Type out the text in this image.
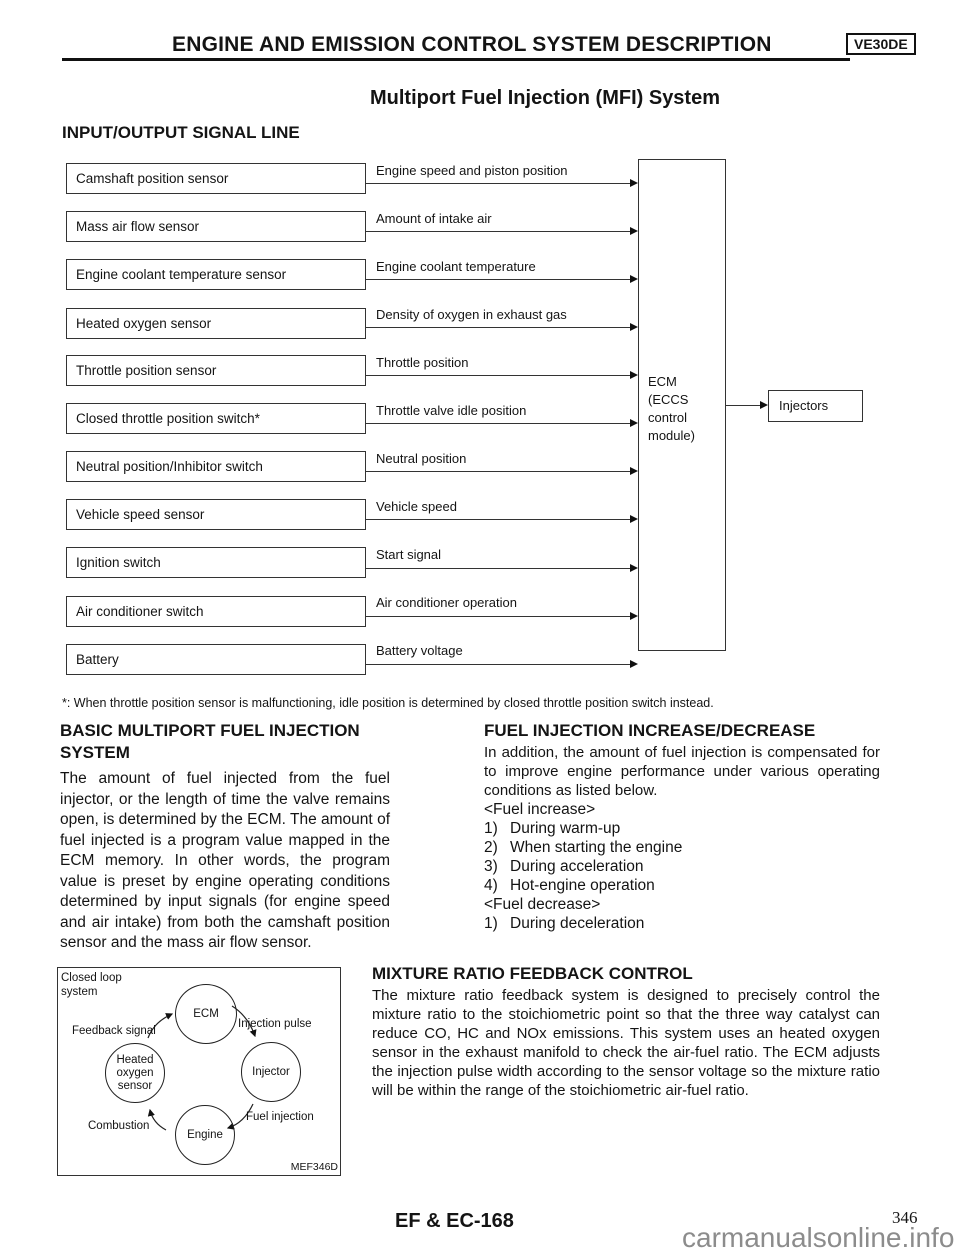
ENGINE AND EMISSION CONTROL SYSTEM DESCRIPTION	VE30DE
Multiport Fuel Injection (MFI) System
INPUT/OUTPUT SIGNAL LINE
Camshaft position sensor
Engine speed and piston position
Mass air flow sensor
Amount of intake air
Engine coolant temperature sensor
Engine coolant temperature
Heated oxygen sensor
Density of oxygen in exhaust gas
Throttle position sensor
Throttle position
Closed throttle position switch*
Throttle valve idle position
Neutral position/Inhibitor switch
Neutral position
Vehicle speed sensor
Vehicle speed
Ignition switch
Start signal
Air conditioner switch
Air conditioner operation
Battery
Battery voltage
ECM
(ECCS
control
module)
Injectors
*: When throttle position sensor is malfunctioning, idle position is determined by closed throttle position switch instead.
BASIC MULTIPORT FUEL INJECTION SYSTEM
The amount of fuel injected from the fuel injector, or the length of time the valve remains open, is determined by the ECM. The amount of fuel injected is a program value mapped in the ECM memory. In other words, the program value is preset by engine operating conditions determined by input signals (for engine speed and air intake) from both the camshaft position sensor and the mass air flow sensor.
FUEL INJECTION INCREASE/DECREASE
In addition, the amount of fuel injection is compensated for to improve engine performance under various operating conditions as listed below.
<Fuel increase>
1) During warm-up
2) When starting the engine
3) During acceleration
4) Hot-engine operation
<Fuel decrease>
1) During deceleration
Closed loop
system
ECM
Injector
Engine
Heated
oxygen
sensor
Injection pulse
Fuel injection
Combustion
Feedback signal
MEF346D
MIXTURE RATIO FEEDBACK CONTROL
The mixture ratio feedback system is designed to precisely control the mixture ratio to the stoichiometric point so that the three way catalyst can reduce CO, HC and NOx emissions. This system uses an heated oxygen sensor in the exhaust manifold to check the air-fuel ratio. The ECM adjusts the injection pulse width according to the sensor voltage so the mixture ratio will be within the range of the stoichiometric air-fuel ratio.
EF & EC-168	346
carmanualsonline.info
